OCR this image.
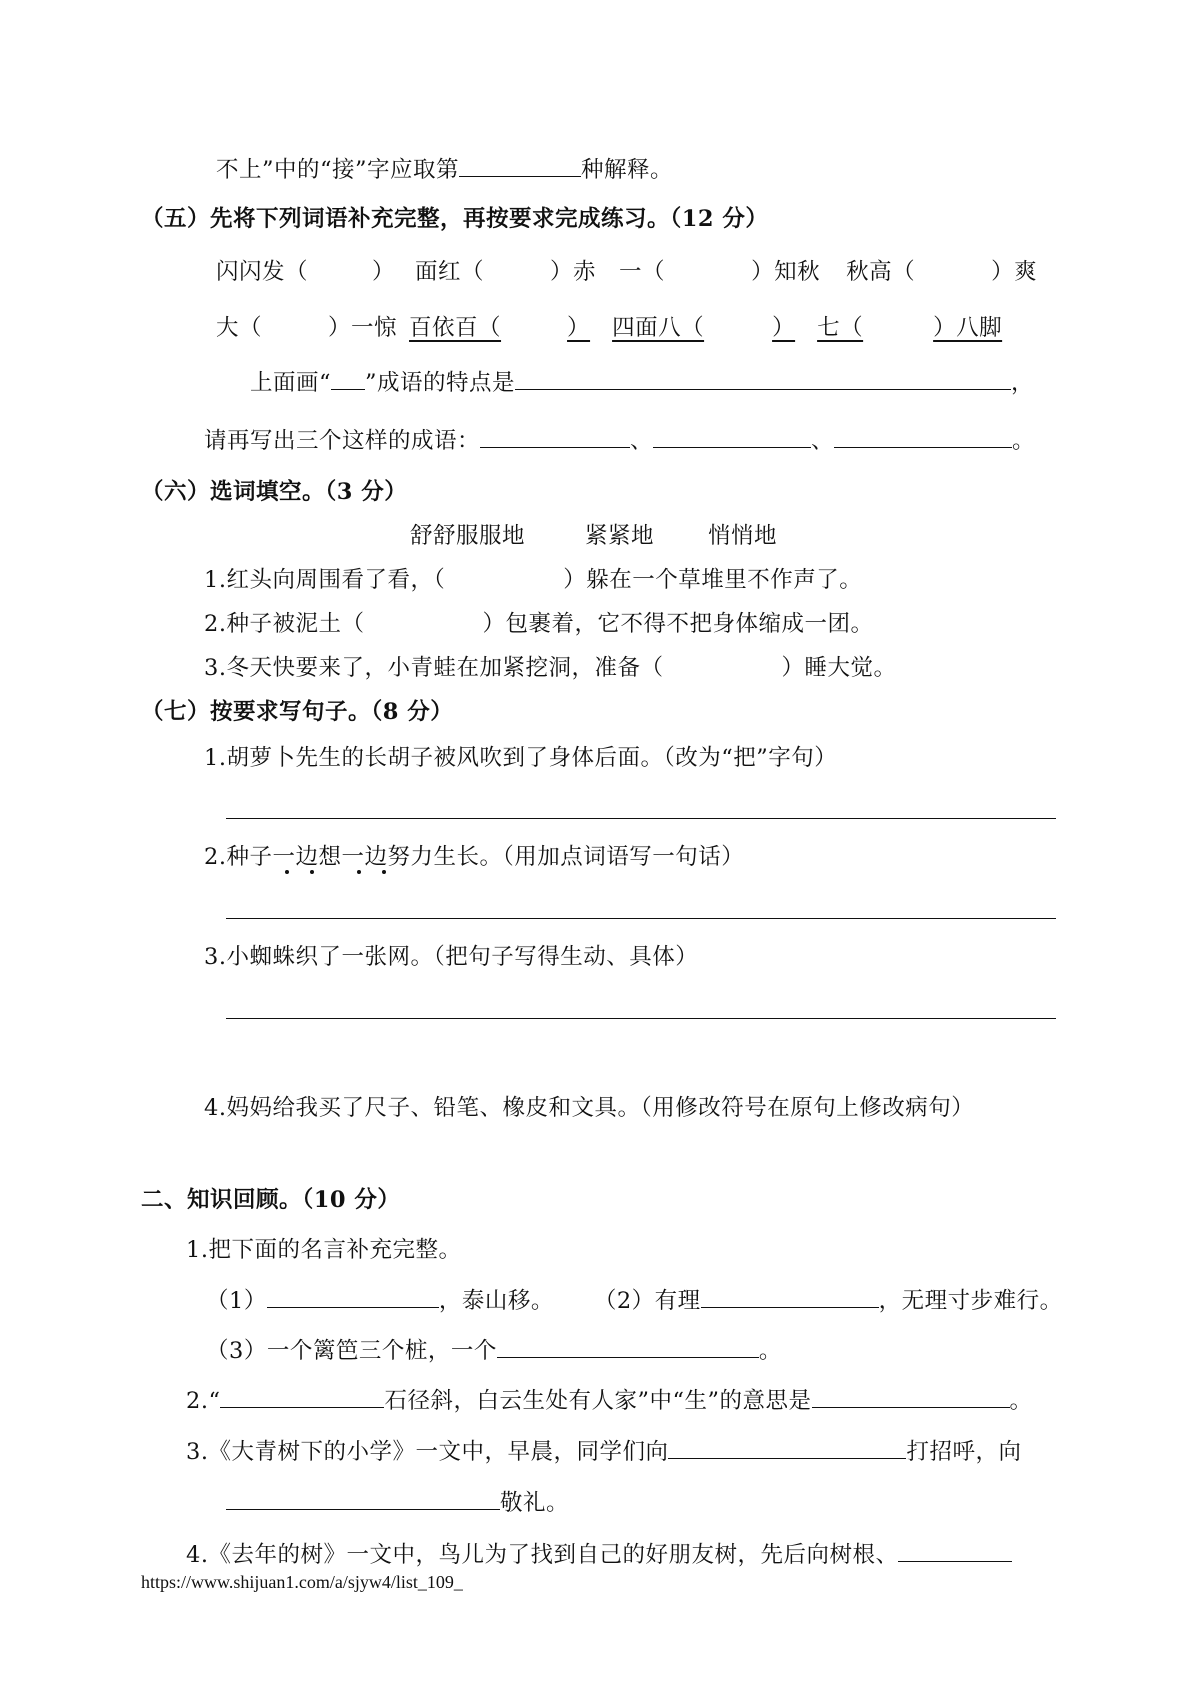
不上”中的“接”字应取第	种解释。
（五）先将下列词语补充完整，再按要求完成练习。（12 分）
闪闪发（	） 面红（	）赤　一（	）知秋 秋高（	）爽
大（	）一惊 百依百（	） 四面八（	） 七（	）八脚
上面画“ ”成语的特点是	，
请再写出三个这样的成语：	、	、	。
（六）选词填空。（3 分）
舒舒服服地	紧紧地 悄悄地
1.红头向周围看了看，（	）躲在一个草堆里不作声了。
2.种子被泥土（	）包裹着，它不得不把身体缩成一团。
3.冬天快要来了，小青蛙在加紧挖洞，准备（	）睡大觉。
（七）按要求写句子。（8 分）
1.胡萝卜先生的长胡子被风吹到了身体后面。（改为“把”字句）
2.种子一边想一边努力生长。（用加点词语写一句话）
3.小蜘蛛织了一张网。（把句子写得生动、具体）
4.妈妈给我买了尺子、铅笔、橡皮和文具。（用修改符号在原句上修改病句）
二、知识回顾。（10 分）
1.把下面的名言补充完整。
（1）	，泰山移。 （2）有理	，无理寸步难行。
（3）一个篱笆三个桩，一个	。
2.“	石径斜，白云生处有人家”中“生”的意思是	。
3.《大青树下的小学》一文中，早晨，同学们向	打招呼，向
敬礼。
4.《去年的树》一文中，鸟儿为了找到自己的好朋友树，先后向树根、
https://www.shijuan1.com/a/sjyw4/list_109_
